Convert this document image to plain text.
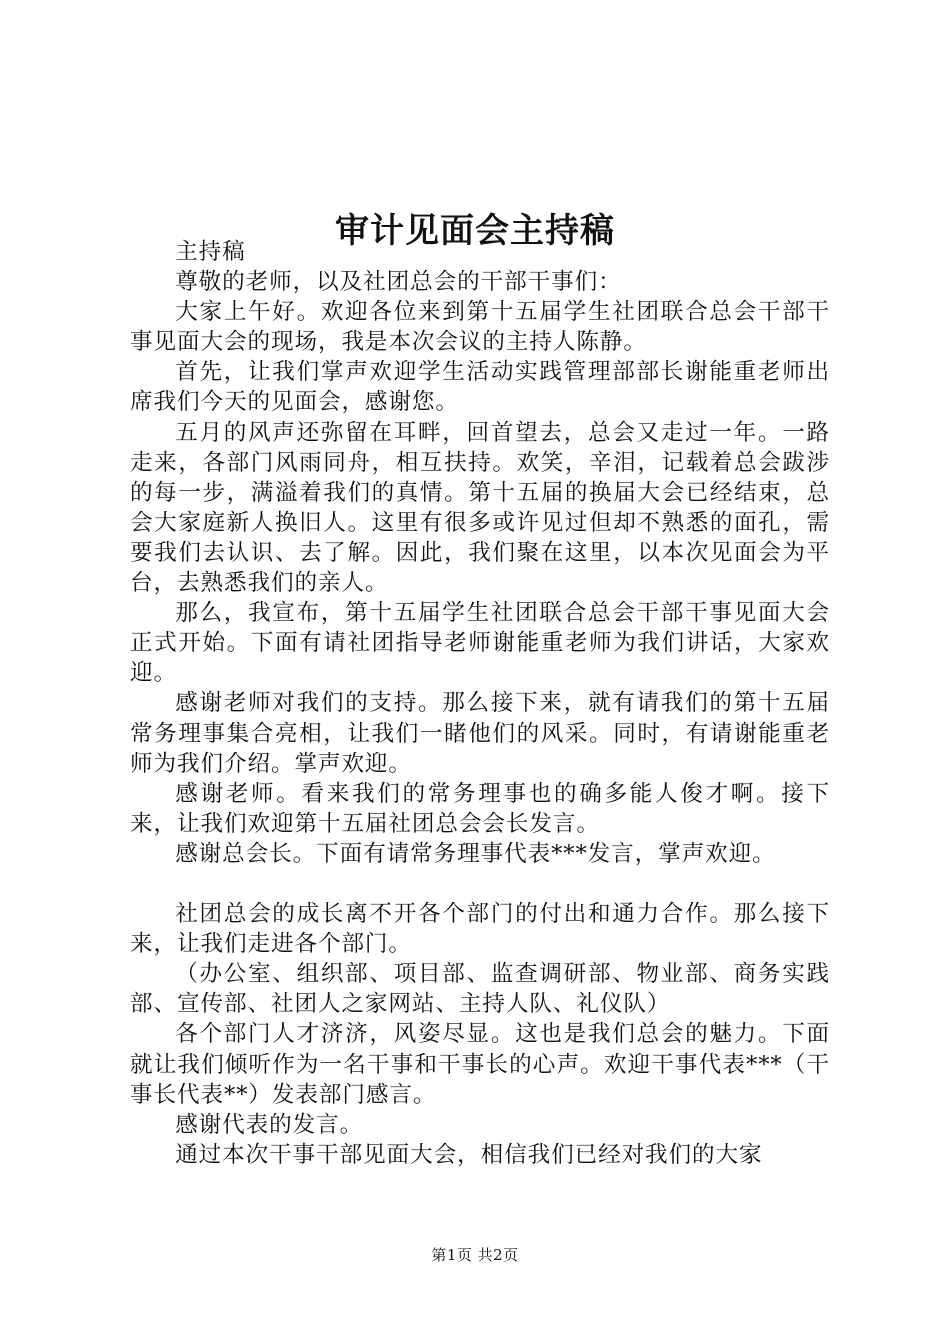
审计见面会主持稿

主持稿

尊敬的老师，以及社团总会的干部干事们：

大家上午好。欢迎各位来到第十五届学生社团联合总会干部干事见面大会的现场，我是本次会议的主持人陈静。

首先，让我们掌声欢迎学生活动实践管理部部长谢能重老师出席我们今天的见面会，感谢您。

五月的风声还弥留在耳畔，回首望去，总会又走过一年。一路走来，各部门风雨同舟，相互扶持。欢笑，辛泪，记载着总会跋涉的每一步，满溢着我们的真情。第十五届的换届大会已经结束，总会大家庭新人换旧人。这里有很多或许见过但却不熟悉的面孔，需要我们去认识、去了解。因此，我们聚在这里，以本次见面会为平台，去熟悉我们的亲人。

那么，我宣布，第十五届学生社团联合总会干部干事见面大会正式开始。下面有请社团指导老师谢能重老师为我们讲话，大家欢迎。

感谢老师对我们的支持。那么接下来，就有请我们的第十五届常务理事集合亮相，让我们一睹他们的风采。同时，有请谢能重老师为我们介绍。掌声欢迎。

感谢老师。看来我们的常务理事也的确多能人俊才啊。接下来，让我们欢迎第十五届社团总会会长发言。

感谢总会长。下面有请常务理事代表***发言，掌声欢迎。

社团总会的成长离不开各个部门的付出和通力合作。那么接下来，让我们走进各个部门。

（办公室、组织部、项目部、监查调研部、物业部、商务实践部、宣传部、社团人之家网站、主持人队、礼仪队）

各个部门人才济济，风姿尽显。这也是我们总会的魅力。下面就让我们倾听作为一名干事和干事长的心声。欢迎干事代表***（干事长代表**）发表部门感言。

感谢代表的发言。

通过本次干事干部见面大会，相信我们已经对我们的大家

第1页 共2页
